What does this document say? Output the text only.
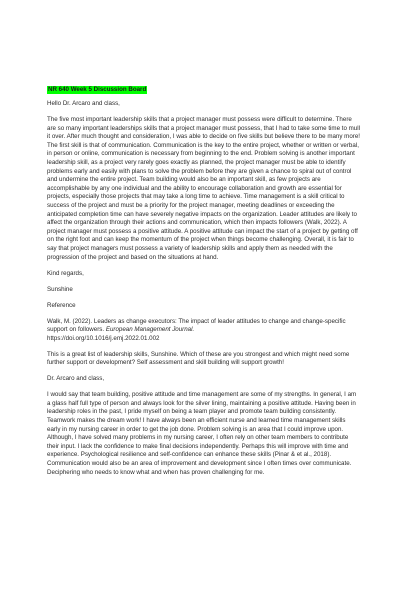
NR 640 Week 5 Discussion Board

Hello Dr. Arcaro and class,

The five most important leadership skills that a project manager must possess were difficult to determine. There are so many important leaderships skills that a project manager must possess, that I had to take some time to mull it over. After much thought and consideration, I was able to decide on five skills but believe there to be many more! The first skill is that of communication. Communication is the key to the entire project, whether or written or verbal, in person or online, communication is necessary from beginning to the end. Problem solving is another important leadership skill, as a project very rarely goes exactly as planned, the project manager must be able to identify problems early and easily with plans to solve the problem before they are given a chance to spiral out of control and undermine the entire project. Team building would also be an important skill, as few projects are accomplishable by any one individual and the ability to encourage collaboration and growth are essential for projects, especially those projects that may take a long time to achieve. Time management is a skill critical to success of the project and must be a priority for the project manager, meeting deadlines or exceeding the anticipated completion time can have severely negative impacts on the organization. Leader attitudes are likely to affect the organization through their actions and communication, which then impacts followers (Walk, 2022). A project manager must possess a positive attitude. A positive attitude can impact the start of a project by getting off on the right foot and can keep the momentum of the project when things become challenging. Overall, it is fair to say that project managers must possess a variety of leadership skills and apply them as needed with the progression of the project and based on the situations at hand.

Kind regards,

Sunshine

Reference

Walk, M. (2022). Leaders as change executors: The impact of leader attitudes to change and change-specific support on followers. European Management Journal.
https://doi.org/10.1016/j.emj.2022.01.002

This is a great list of leadership skills, Sunshine. Which of these are you strongest and which might need some further support or development? Self assessment and skill building will support growth!

Dr. Arcaro and class,

I would say that team building, positive attitude and time management are some of my strengths. In general, I am a glass half full type of person and always look for the silver lining, maintaining a positive attitude. Having been in leadership roles in the past, I pride myself on being a team player and promote team building consistently. Teamwork makes the dream work! I have always been an efficient nurse and learned time management skills early in my nursing career in order to get the job done. Problem solving is an area that I could improve upon. Although, I have solved many problems in my nursing career, I often rely on other team members to contribute their input. I lack the confidence to make final decisions independently. Perhaps this will improve with time and experience. Psychological resilience and self-confidence can enhance these skills (Pinar & et al., 2018). Communication would also be an area of improvement and development since I often times over communicate. Deciphering who needs to know what and when has proven challenging for me.
